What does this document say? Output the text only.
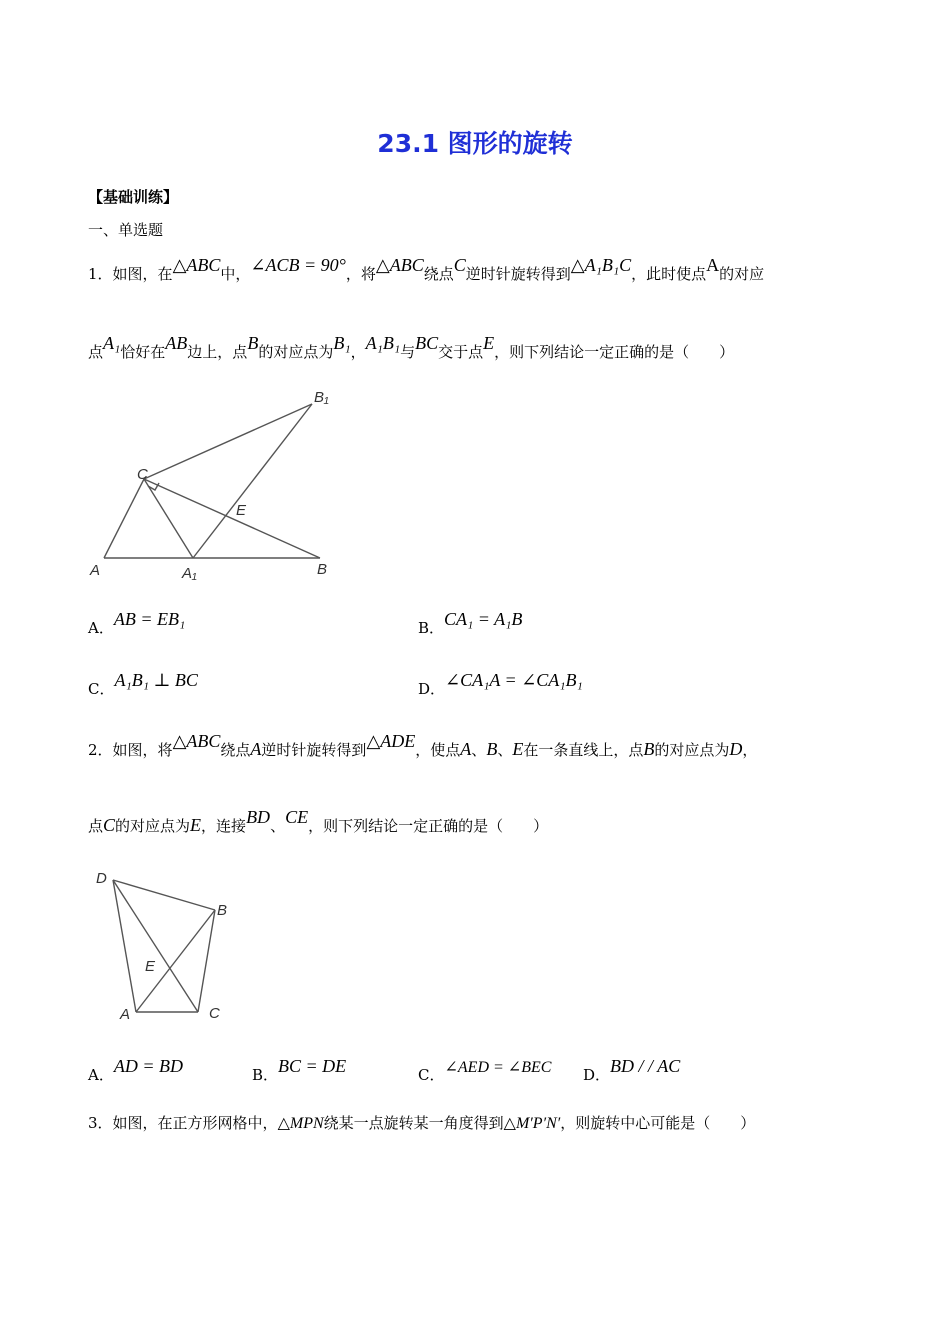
23.1 图形的旋转
【基础训练】
一、单选题
1．如图，在△ABC中，∠ACB = 90°，将△ABC绕点C逆时针旋转得到△A₁B₁C，此时使点A的对应
点A₁恰好在AB边上，点B的对应点为B₁，A₁B₁与BC交于点E，则下列结论一定正确的是（　　）
A	A₁	B
B₁
C
E
A．AB = EB₁	B．CA₁ = A₁B
C．A₁B₁ ⊥ BC	D．∠CA₁A = ∠CA₁B₁
2．如图，将△ABC绕点A逆时针旋转得到△ADE，使点A、B、E在一条直线上，点B的对应点为D，
点C的对应点为E，连接BD、CE，则下列结论一定正确的是（　　）
D
B
E
A	C
A．AD = BD	B．BC = DE	C．∠AED = ∠BEC D．BD / / AC
3．如图，在正方形网格中，△MPN绕某一点旋转某一角度得到△M′P′N′，则旋转中心可能是（　　）
